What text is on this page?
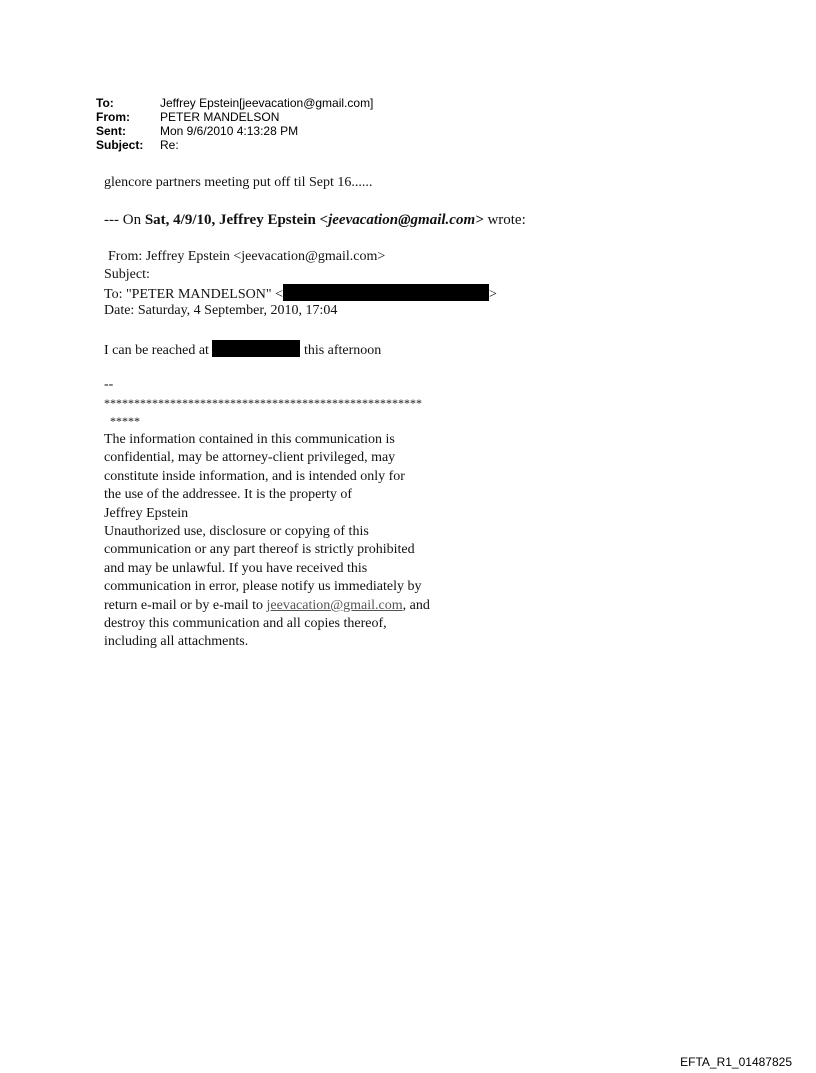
To:	Jeffrey Epstein[jeevacation@gmail.com]
From:	PETER MANDELSON
Sent:	Mon 9/6/2010 4:13:28 PM
Subject:	Re:
glencore partners meeting put off til Sept 16......
--- On Sat, 4/9/10, Jeffrey Epstein <jeevacation@gmail.com> wrote:
From: Jeffrey Epstein <jeevacation@gmail.com>
Subject:
To: "PETER MANDELSON" <	>
Date: Saturday, 4 September, 2010, 17:04
I can be reached at	this afternoon
--
*****************************************************
*****
The information contained in this communication is
confidential, may be attorney-client privileged, may
constitute inside information, and is intended only for
the use of the addressee. It is the property of
Jeffrey Epstein
Unauthorized use, disclosure or copying of this
communication or any part thereof is strictly prohibited
and may be unlawful. If you have received this
communication in error, please notify us immediately by
return e-mail or by e-mail to jeevacation@gmail.com, and
destroy this communication and all copies thereof,
including all attachments.
EFTA_R1_01487825
